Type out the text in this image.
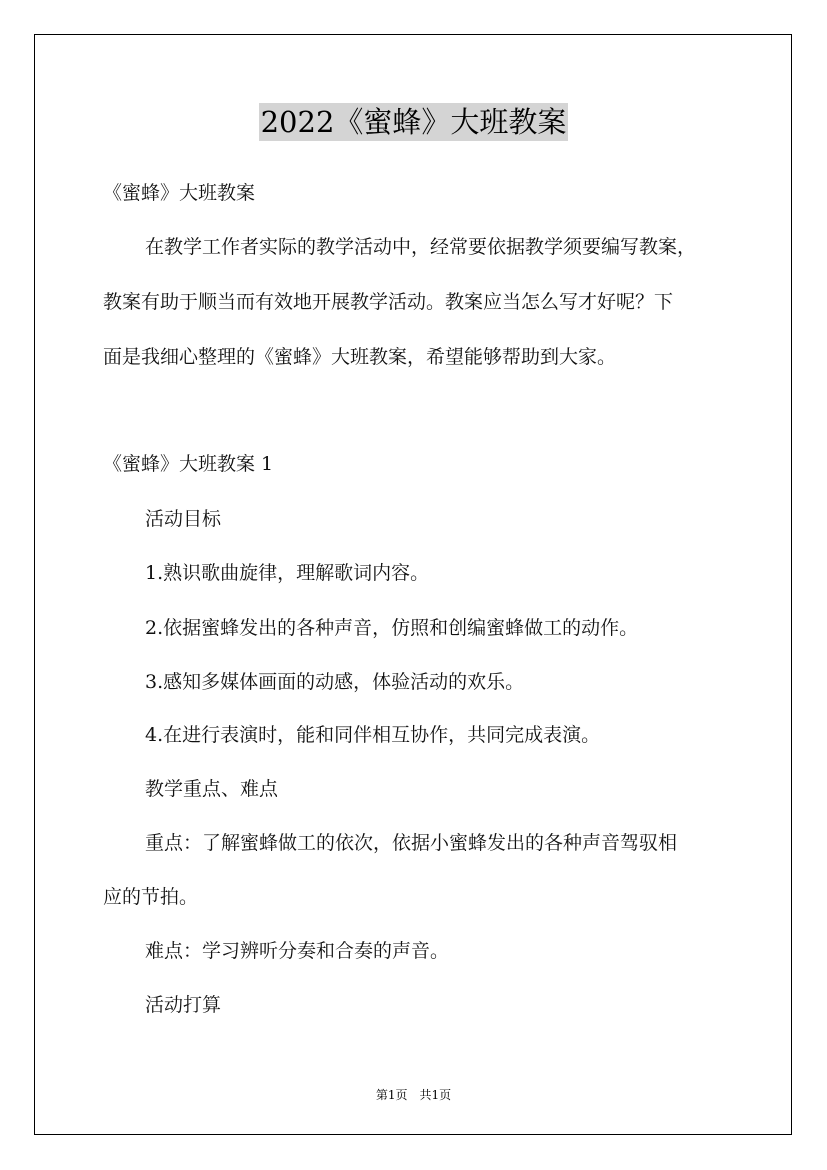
2022《蜜蜂》大班教案
《蜜蜂》大班教案
在教学工作者实际的教学活动中，经常要依据教学须要编写教案，
教案有助于顺当而有效地开展教学活动。教案应当怎么写才好呢？下
面是我细心整理的《蜜蜂》大班教案，希望能够帮助到大家。
《蜜蜂》大班教案 1
活动目标
1.熟识歌曲旋律，理解歌词内容。
2.依据蜜蜂发出的各种声音，仿照和创编蜜蜂做工的动作。
3.感知多媒体画面的动感，体验活动的欢乐。
4.在进行表演时，能和同伴相互协作，共同完成表演。
教学重点、难点
重点：了解蜜蜂做工的依次，依据小蜜蜂发出的各种声音驾驭相
应的节拍。
难点：学习辨听分奏和合奏的声音。
活动打算
第1页　共1页
